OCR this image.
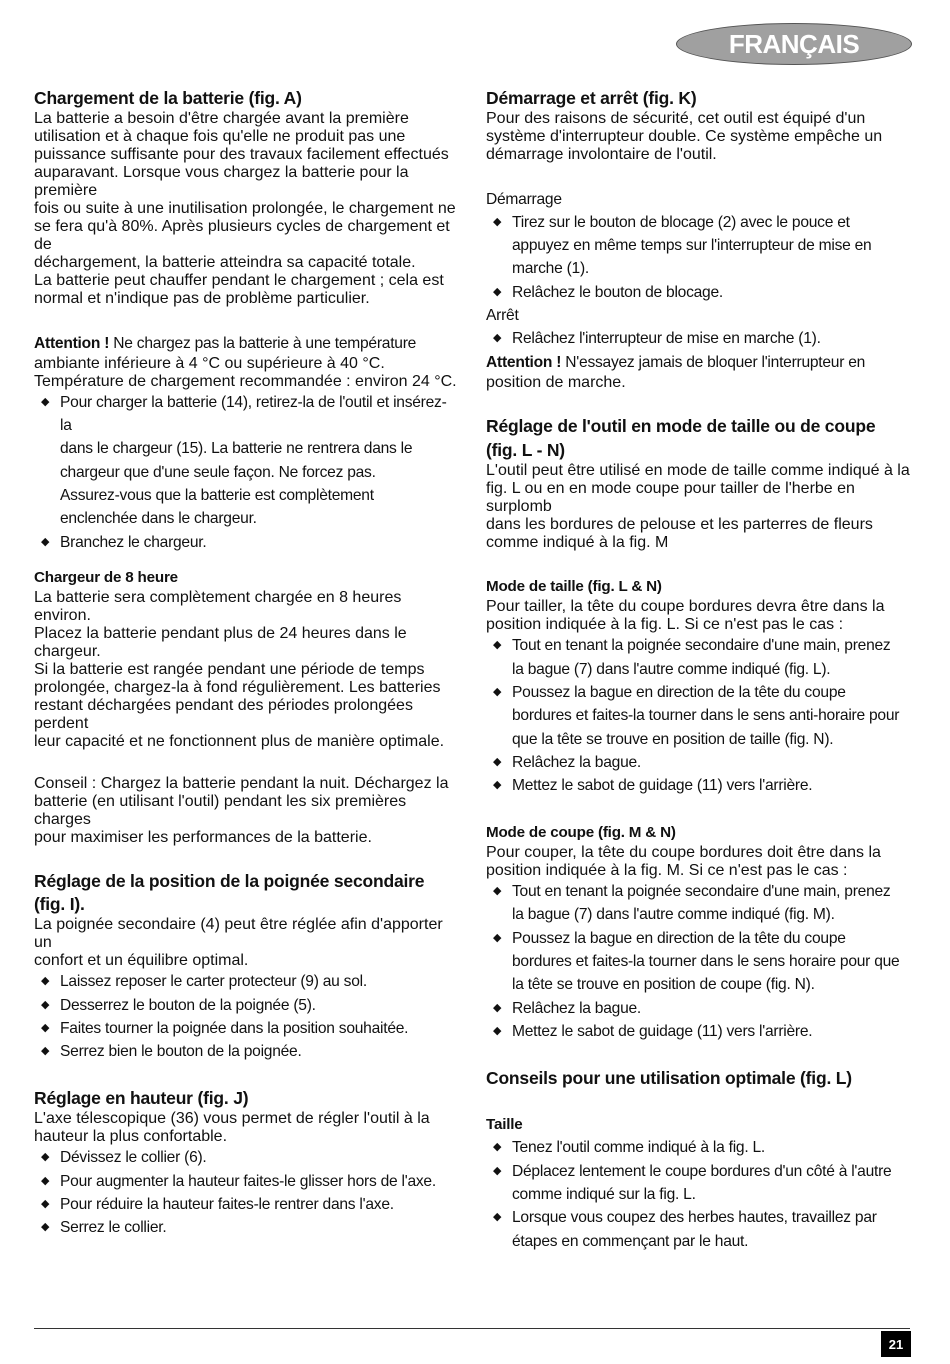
FRANÇAIS
Chargement de la batterie (fig. A)
La batterie a besoin d'être chargée avant la première
utilisation et à chaque fois qu'elle ne produit pas une
puissance suffisante pour des travaux facilement effectués
auparavant. Lorsque vous chargez la batterie pour la première
fois ou suite à une inutilisation prolongée, le chargement ne
se fera qu'à 80%. Après plusieurs cycles de chargement et de
déchargement, la batterie atteindra sa capacité totale.
La batterie peut chauffer pendant le chargement ; cela est
normal et n'indique pas de problème particulier.

Attention ! Ne chargez pas la batterie à une température

ambiante inférieure à 4 °C ou supérieure à 40 °C.
Température de chargement recommandée : environ 24 °C.
◆ Pour charger la batterie (14), retirez-la de l'outil et insérez-la
dans le chargeur (15). La batterie ne rentrera dans le
chargeur que d'une seule façon. Ne forcez pas.
Assurez-vous que la batterie est complètement
enclenchée dans le chargeur.
◆ Branchez le chargeur.
Chargeur de 8 heure
La batterie sera complètement chargée en 8 heures environ.
Placez la batterie pendant plus de 24 heures dans le chargeur.
Si la batterie est rangée pendant une période de temps
prolongée, chargez-la à fond régulièrement. Les batteries
restant déchargées pendant des périodes prolongées perdent
leur capacité et ne fonctionnent plus de manière optimale.
Conseil : Chargez la batterie pendant la nuit. Déchargez la
batterie (en utilisant l'outil) pendant les six premières charges
pour maximiser les performances de la batterie.
Réglage de la position de la poignée secondaire
(fig. I).
La poignée secondaire (4) peut être réglée afin d'apporter un
confort et un équilibre optimal.
◆ Laissez reposer le carter protecteur (9) au sol.
◆ Desserrez le bouton de la poignée (5).
◆ Faites tourner la poignée dans la position souhaitée.
◆ Serrez bien le bouton de la poignée.
Réglage en hauteur (fig. J)
L'axe télescopique (36) vous permet de régler l'outil à la
hauteur la plus confortable.
◆ Dévissez le collier (6).
◆ Pour augmenter la hauteur faites-le glisser hors de l'axe.
◆ Pour réduire la hauteur faites-le rentrer dans l'axe.
◆ Serrez le collier.
Démarrage et arrêt (fig. K)
Pour des raisons de sécurité, cet outil est équipé d'un
système d'interrupteur double. Ce système empêche un
démarrage involontaire de l'outil.

Démarrage

◆ Tirez sur le bouton de blocage (2) avec le pouce et
appuyez en même temps sur l'interrupteur de mise en
marche (1).
◆ Relâchez le bouton de blocage.

Arrêt

◆ Relâchez l'interrupteur de mise en marche (1).

Attention ! N'essayez jamais de bloquer l'interrupteur en

position de marche.
Réglage de l'outil en mode de taille ou de coupe
(fig. L - N)
L'outil peut être utilisé en mode de taille comme indiqué à la
fig. L ou en en mode coupe pour tailler de l'herbe en surplomb
dans les bordures de pelouse et les parterres de fleurs
comme indiqué à la fig. M
Mode de taille (fig. L & N)
Pour tailler, la tête du coupe bordures devra être dans la
position indiquée à la fig. L. Si ce n'est pas le cas :
◆ Tout en tenant la poignée secondaire d'une main, prenez
la bague (7) dans l'autre comme indiqué (fig. L).
◆ Poussez la bague en direction de la tête du coupe
bordures et faites-la tourner dans le sens anti-horaire pour
que la tête se trouve en position de taille (fig. N).
◆ Relâchez la bague.
◆ Mettez le sabot de guidage (11) vers l'arrière.
Mode de coupe (fig. M & N)
Pour couper, la tête du coupe bordures doit être dans la
position indiquée à la fig. M. Si ce n'est pas le cas :
◆ Tout en tenant la poignée secondaire d'une main, prenez
la bague (7) dans l'autre comme indiqué (fig. M).
◆ Poussez la bague en direction de la tête du coupe
bordures et faites-la tourner dans le sens horaire pour que
la tête se trouve en position de coupe (fig. N).
◆ Relâchez la bague.
◆ Mettez le sabot de guidage (11) vers l'arrière.
Conseils pour une utilisation optimale (fig. L)
Taille
◆ Tenez l'outil comme indiqué à la fig. L.
◆ Déplacez lentement le coupe bordures d'un côté à l'autre
comme indiqué sur la fig. L.
◆ Lorsque vous coupez des herbes hautes, travaillez par
étapes en commençant par le haut.
21
